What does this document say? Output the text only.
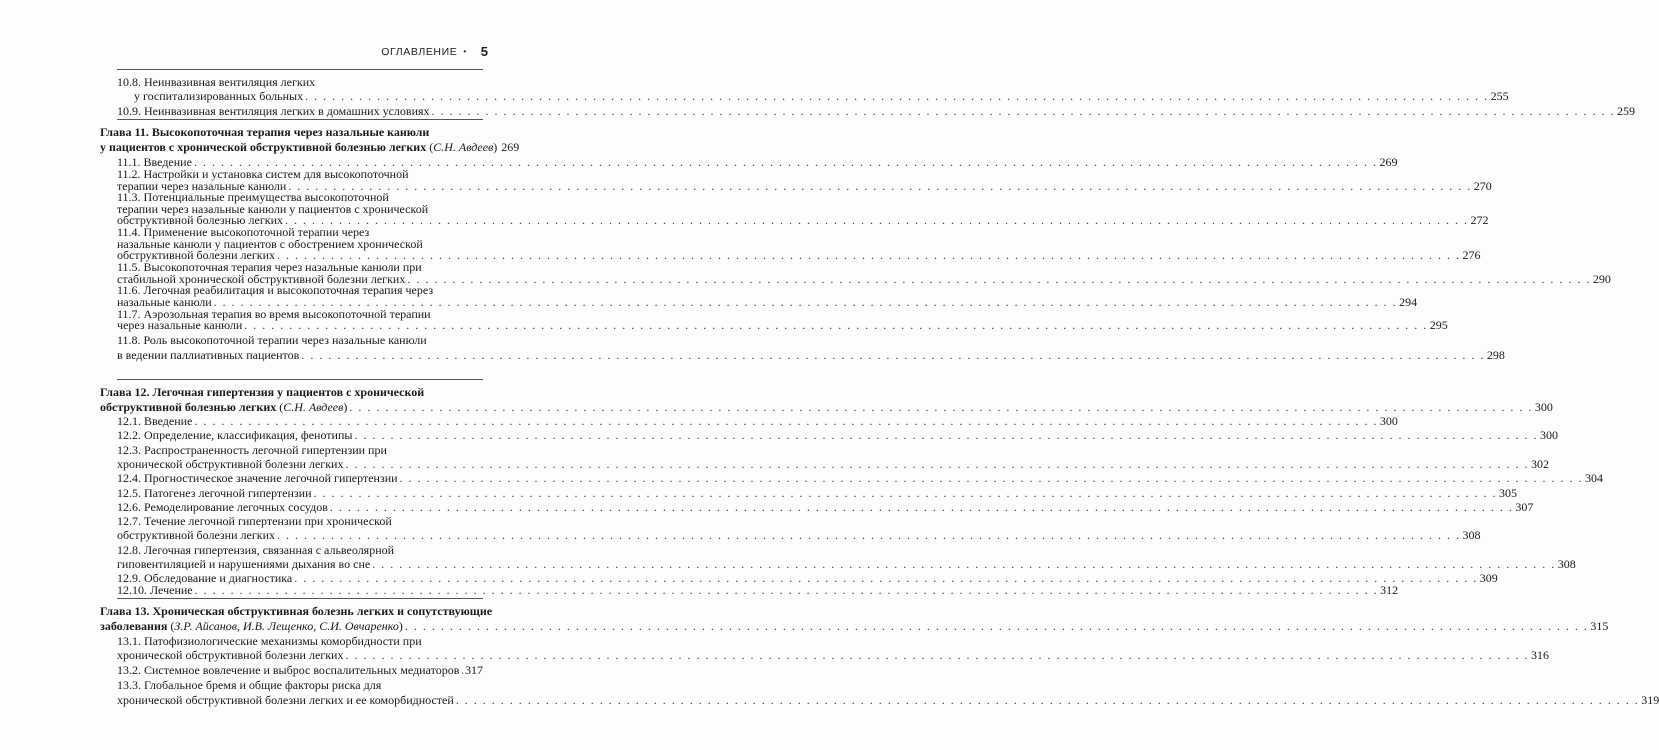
ОГЛАВЛЕНИЕ • 5
10.8. Неинвазивная вентиляция легких
у госпитализированных больных . . .	255
10.9. Неинвазивная вентиляция легких в домашних условиях . . .	259
Глава 11. Высокопоточная терапия через назальные канюли
у пациентов с хронической обструктивной болезнью легких (С.Н. Авдеев) 269
11.1. Введение . . .	269
11.2. Настройки и установка систем для высокопоточной
терапии через назальные канюли . . .	270
11.3. Потенциальные преимущества высокопоточной
терапии через назальные канюли у пациентов с хронической
обструктивной болезнью легких . . .	272
11.4. Применение высокопоточной терапии через
назальные канюли у пациентов с обострением хронической
обструктивной болезни легких . . .	276
11.5. Высокопоточная терапия через назальные канюли при
стабильной хронической обструктивной болезни легких . . .	290
11.6. Легочная реабилитация и высокопоточная терапия через
назальные канюли . . .	294
11.7. Аэрозольная терапия во время высокопоточной терапии
через назальные канюли . . .	295
11.8. Роль высокопоточной терапии через назальные канюли
в ведении паллиативных пациентов . . .	298
Глава 12. Легочная гипертензия у пациентов с хронической
обструктивной болезнью легких (С.Н. Авдеев) . . .	300
12.1. Введение . . .	300
12.2. Определение, классификация, фенотипы . . .	300
12.3. Распространенность легочной гипертензии при
хронической обструктивной болезни легких . . .	302
12.4. Прогностическое значение легочной гипертензии . . .	304
12.5. Патогенез легочной гипертензии . . .	305
12.6. Ремоделирование легочных сосудов . . .	307
12.7. Течение легочной гипертензии при хронической
обструктивной болезни легких . . .	308
12.8. Легочная гипертензия, связанная с альвеолярной
гиповентиляцией и нарушениями дыхания во сне . . .	308
12.9. Обследование и диагностика . . .	309
12.10. Лечение . . .	312
Глава 13. Хроническая обструктивная болезнь легких и сопутствующие
заболевания (З.Р. Айсанов, И.В. Лещенко, С.И. Овчаренко) . . .	315
13.1. Патофизиологические механизмы коморбидности при
хронической обструктивной болезни легких . . .	316
13.2. Системное вовлечение и выброс воспалительных медиаторов . . . 317
13.3. Глобальное бремя и общие факторы риска для
хронической обструктивной болезни легких и ее коморбидностей . . .	319
